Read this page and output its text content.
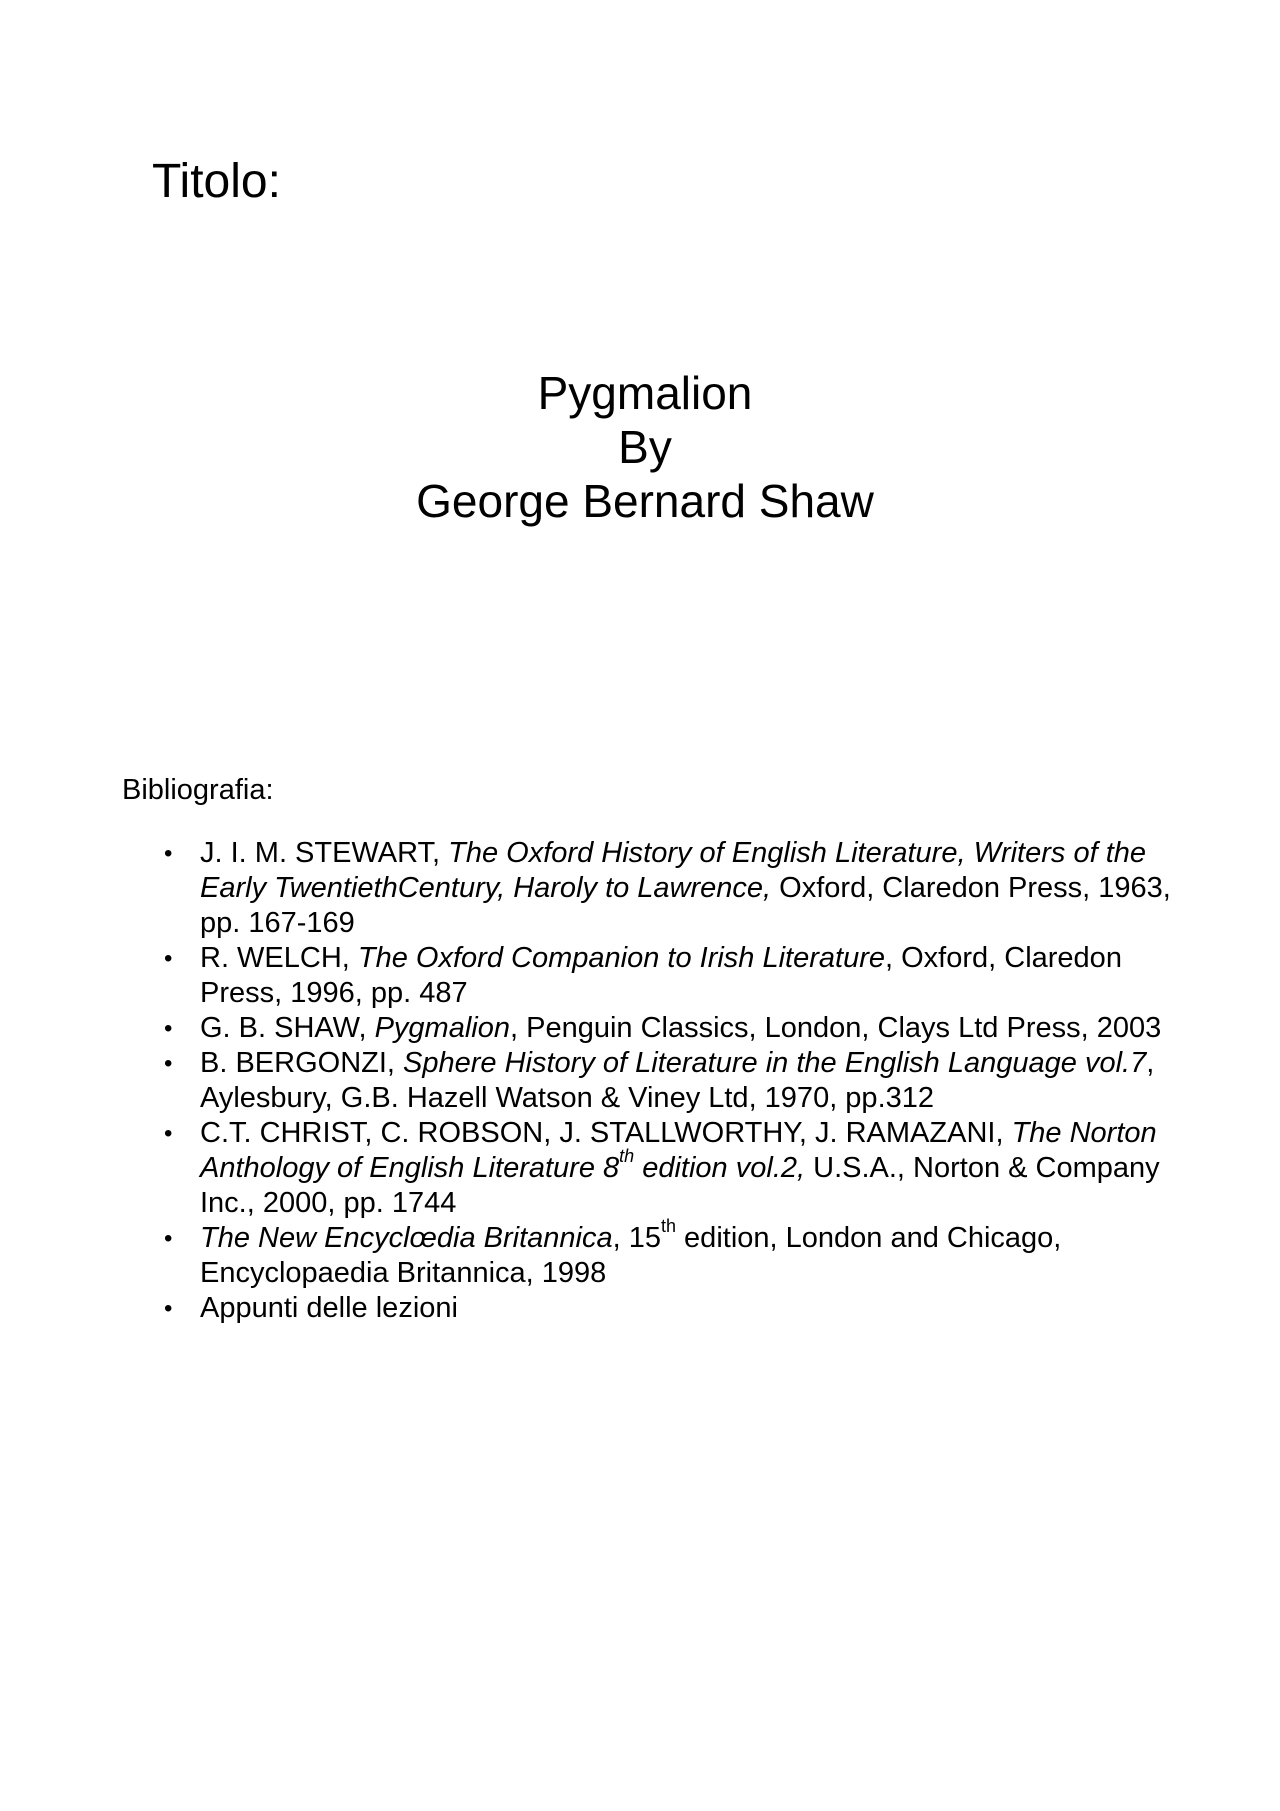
Titolo:
Pygmalion
By
George Bernard Shaw
Bibliografia:
• J. I. M. STEWART, The Oxford History of English Literature, Writers of the Early TwentiethCentury, Haroly to Lawrence, Oxford, Claredon Press, 1963, pp. 167-169
• R. WELCH, The Oxford Companion to Irish Literature, Oxford, Claredon Press, 1996, pp. 487
• G. B. SHAW, Pygmalion, Penguin Classics, London, Clays Ltd Press, 2003
• B. BERGONZI, Sphere History of Literature in the English Language vol.7, Aylesbury, G.B. Hazell Watson & Viney Ltd, 1970, pp.312
• C.T. CHRIST, C. ROBSON, J. STALLWORTHY, J. RAMAZANI, The Norton Anthology of English Literature 8th edition vol.2, U.S.A., Norton & Company Inc., 2000, pp. 1744
• The New Encyclœdia Britannica, 15th edition, London and Chicago, Encyclopaedia Britannica, 1998
• Appunti delle lezioni
